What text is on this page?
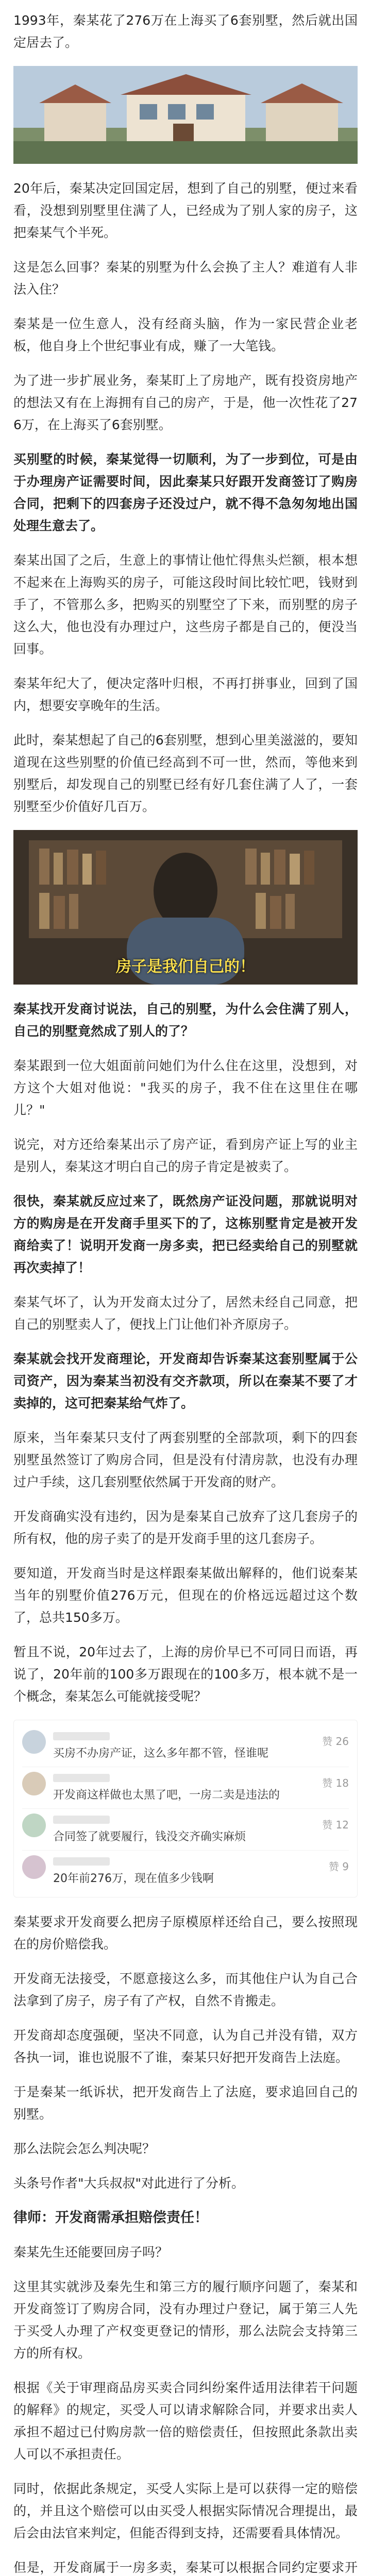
1993年，秦某花了276万在上海买了6套别墅，然后就出国定居去了。

20年后，秦某决定回国定居，想到了自己的别墅，便过来看看，没想到别墅里住满了人，已经成为了别人家的房子，这把秦某气个半死。

这是怎么回事？秦某的别墅为什么会换了主人？难道有人非法入住？

秦某是一位生意人，没有经商头脑，作为一家民营企业老板，他自身上个世纪事业有成，赚了一大笔钱。

为了进一步扩展业务，秦某盯上了房地产，既有投资房地产的想法又有在上海拥有自己的房产，于是，他一次性花了276万，在上海买了6套别墅。

买别墅的时候，秦某觉得一切顺利，为了一步到位，可是由于办理房产证需要时间，因此秦某只好跟开发商签订了购房合同，把剩下的四套房子还没过户，就不得不急匆匆地出国处理生意去了。

秦某出国了之后，生意上的事情让他忙得焦头烂额，根本想不起来在上海购买的房子，可能这段时间比较忙吧，钱财到手了，不管那么多，把购买的别墅空了下来，而别墅的房子这么大，他也没有办理过户，这些房子都是自己的，便没当回事。

秦某年纪大了，便决定落叶归根，不再打拼事业，回到了国内，想要安享晚年的生活。

此时，秦某想起了自己的6套别墅，想到心里美滋滋的，要知道现在这些别墅的价值已经高到不可一世，然而，等他来到别墅后，却发现自己的别墅已经有好几套住满了人了，一套别墅至少价值好几百万。

房子是我们自己的！

秦某找开发商讨说法，自己的别墅，为什么会住满了别人，自己的别墅竟然成了别人的了？

秦某跟到一位大姐面前问她们为什么住在这里，没想到，对方这个大姐对他说："我买的房子，我不住在这里住在哪儿？"

说完，对方还给秦某出示了房产证，看到房产证上写的业主是别人，秦某这才明白自己的房子肯定是被卖了。

很快，秦某就反应过来了，既然房产证没问题，那就说明对方的购房是在开发商手里买下的了，这栋别墅肯定是被开发商给卖了！说明开发商一房多卖，把已经卖给自己的别墅就再次卖掉了！

秦某气坏了，认为开发商太过分了，居然未经自己同意，把自己的别墅卖人了，便找上门让他们补齐原房子。

秦某就会找开发商理论，开发商却告诉秦某这套别墅属于公司资产，因为秦某当初没有交齐款项，所以在秦某不要了才卖掉的，这可把秦某给气炸了。

原来，当年秦某只支付了两套别墅的全部款项，剩下的四套别墅虽然签订了购房合同，但是没有付清房款，也没有办理过户手续，这几套别墅依然属于开发商的财产。

开发商确实没有违约，因为是秦某自己放弃了这几套房子的所有权，他的房子卖了的是开发商手里的这几套房子。

要知道，开发商当时是这样跟秦某做出解释的，他们说秦某当年的别墅价值276万元，但现在的价格远远超过这个数了，总共150多万。

暂且不说，20年过去了，上海的房价早已不可同日而语，再说了，20年前的100多万跟现在的100多万，根本就不是一个概念，秦某怎么可能就接受呢？

买房不办房产证，这么多年都不管，怪谁呢
赞 26
开发商这样做也太黑了吧，一房二卖是违法的
赞 18
合同签了就要履行，钱没交齐确实麻烦
赞 12
20年前276万，现在值多少钱啊
赞 9

秦某要求开发商要么把房子原模原样还给自己，要么按照现在的房价赔偿我。

开发商无法接受，不愿意接这么多，而其他住户认为自己合法拿到了房子，房子有了产权，自然不肯搬走。

开发商却态度强硬，坚决不同意，认为自己并没有错，双方各执一词，谁也说服不了谁，秦某只好把开发商告上法庭。

于是秦某一纸诉状，把开发商告上了法庭，要求追回自己的别墅。

那么法院会怎么判决呢？

头条号作者"大兵叔叔"对此进行了分析。

律师：开发商需承担赔偿责任！

秦某先生还能要回房子吗？

这里其实就涉及秦先生和第三方的履行顺序问题了，秦某和开发商签订了购房合同，没有办理过户登记，属于第三人先于买受人办理了产权变更登记的情形，那么法院会支持第三方的所有权。

根据《关于审理商品房买卖合同纠纷案件适用法律若干问题的解释》的规定，买受人可以请求解除合同，并要求出卖人承担不超过已付购房款一倍的赔偿责任，但按照此条款出卖人可以不承担责任。

同时，依据此条规定，买受人实际上是可以获得一定的赔偿的，并且这个赔偿可以由买受人根据实际情况合理提出，最后会由法官来判定，但能否得到支持，还需要看具体情况。

但是，开发商属于一房多卖，秦某可以根据合同约定要求开
